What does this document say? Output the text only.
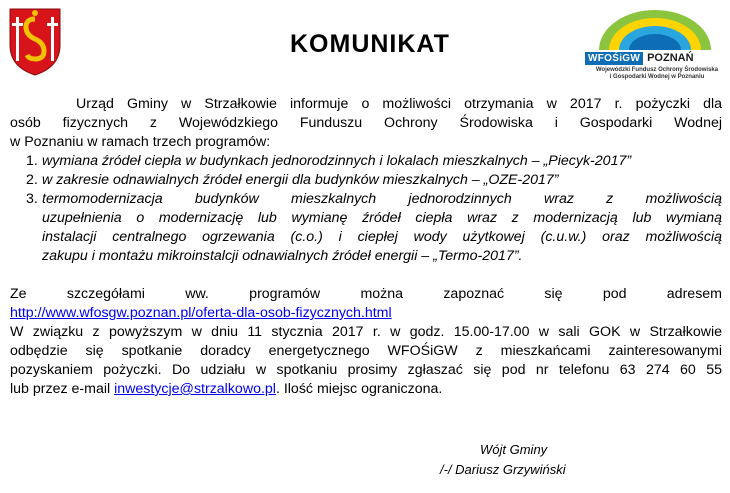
KOMUNIKAT	WFOŚiGW POZNAŃ
Wojewódzki Fundusz Ochrony Środowiska
i Gospodarki Wodnej w Poznaniu

Urząd Gminy w Strzałkowie informuje o możliwości otrzymania w 2017 r. pożyczki dla

osób fizycznych z Wojewódzkiego Funduszu Ochrony Środowiska i Gospodarki Wodnej

w Poznaniu w ramach trzech programów:

1. wymiana źródeł ciepła w budynkach jednorodzinnych i lokalach mieszkalnych – „Piecyk-2017”
2. w zakresie odnawialnych źródeł energii dla budynków mieszkalnych – „OZE-2017”
3. termomodernizacja budynków mieszkalnych jednorodzinnych wraz z możliwością
uzupełnienia o modernizację lub wymianę źródeł ciepła wraz z modernizacją lub wymianą
instalacji centralnego ogrzewania (c.o.) i ciepłej wody użytkowej (c.u.w.) oraz możliwością
zakupu i montażu mikroinstalcji odnawialnych źródeł energii – „Termo-2017”.

Ze szczegółami ww. programów można zapoznać się pod adresem

http://www.wfosgw.poznan.pl/oferta-dla-osob-fizycznych.html

W związku z powyższym w dniu 11 stycznia 2017 r. w godz. 15.00-17.00 w sali GOK w Strzałkowie

odbędzie się spotkanie doradcy energetycznego WFOŚiGW z mieszkańcami zainteresowanymi

pozyskaniem pożyczki. Do udziału w spotkaniu prosimy zgłaszać się pod nr telefonu 63 274 60 55

lub przez e-mail inwestycje@strzalkowo.pl. Ilość miejsc ograniczona.

Wójt Gminy
/-/ Dariusz Grzywiński
